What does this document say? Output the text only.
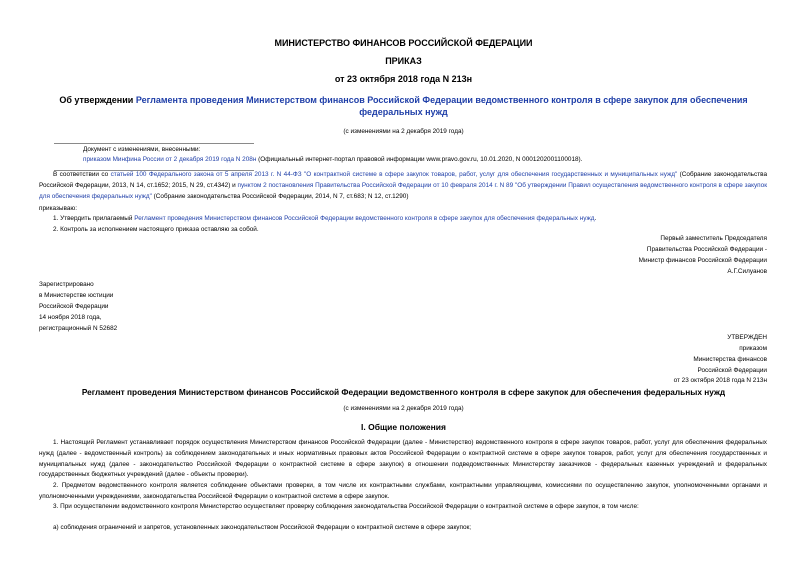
МИНИСТЕРСТВО ФИНАНСОВ РОССИЙСКОЙ ФЕДЕРАЦИИ
ПРИКАЗ
от 23 октября 2018 года N 213н
Об утверждении Регламента проведения Министерством финансов Российской Федерации ведомственного контроля в сфере закупок для обеспечения
федеральных нужд
(с изменениями на 2 декабря 2019 года)
Документ с изменениями, внесенными:
приказом Минфина России от 2 декабря 2019 года N 208н (Официальный интернет-портал правовой информации www.pravo.gov.ru, 10.01.2020, N 0001202001100018).
В соответствии со статьей 100 Федерального закона от 5 апреля 2013 г. N 44-ФЗ "О контрактной системе в сфере закупок товаров, работ, услуг для обеспечения государственных и муниципальных нужд" (Собрание законодательства Российской Федерации, 2013, N 14, ст.1652; 2015, N 29, ст.4342) и пунктом 2 постановления Правительства Российской Федерации от 10 февраля 2014 г. N 89 "Об утверждении Правил осуществления ведомственного контроля в сфере закупок для обеспечения федеральных нужд" (Собрание законодательства Российской Федерации, 2014, N 7, ст.683; N 12, ст.1290)
приказываю:
1. Утвердить прилагаемый Регламент проведения Министерством финансов Российской Федерации ведомственного контроля в сфере закупок для обеспечения федеральных нужд.
2. Контроль за исполнением настоящего приказа оставляю за собой.
Первый заместитель Председателя
Правительства Российской Федерации -
Министр финансов Российской Федерации
А.Г.Силуанов
Зарегистрировано
в Министерстве юстиции
Российской Федерации
14 ноября 2018 года,
регистрационный N 52682
УТВЕРЖДЕН
приказом
Министерства финансов
Российской Федерации
от 23 октября 2018 года N 213н
Регламент проведения Министерством финансов Российской Федерации ведомственного контроля в сфере закупок для обеспечения федеральных нужд
(с изменениями на 2 декабря 2019 года)
I. Общие положения
1. Настоящий Регламент устанавливает порядок осуществления Министерством финансов Российской Федерации (далее - Министерство) ведомственного контроля в сфере закупок товаров, работ, услуг для обеспечения федеральных нужд (далее - ведомственный контроль) за соблюдением законодательных и иных нормативных правовых актов Российской Федерации о контрактной системе в сфере закупок товаров, работ, услуг для обеспечения государственных и муниципальных нужд (далее - законодательство Российской Федерации о контрактной системе в сфере закупок) в отношении подведомственных Министерству заказчиков - федеральных казенных учреждений и федеральных государственных бюджетных учреждений (далее - объекты проверки).
2. Предметом ведомственного контроля является соблюдение объектами проверки, в том числе их контрактными службами, контрактными управляющими, комиссиями по осуществлению закупок, уполномоченными органами и уполномоченными учреждениями, законодательства Российской Федерации о контрактной системе в сфере закупок.
3. При осуществлении ведомственного контроля Министерство осуществляет проверку соблюдения законодательства Российской Федерации о контрактной системе в сфере закупок, в том числе:
а) соблюдения ограничений и запретов, установленных законодательством Российской Федерации о контрактной системе в сфере закупок;
